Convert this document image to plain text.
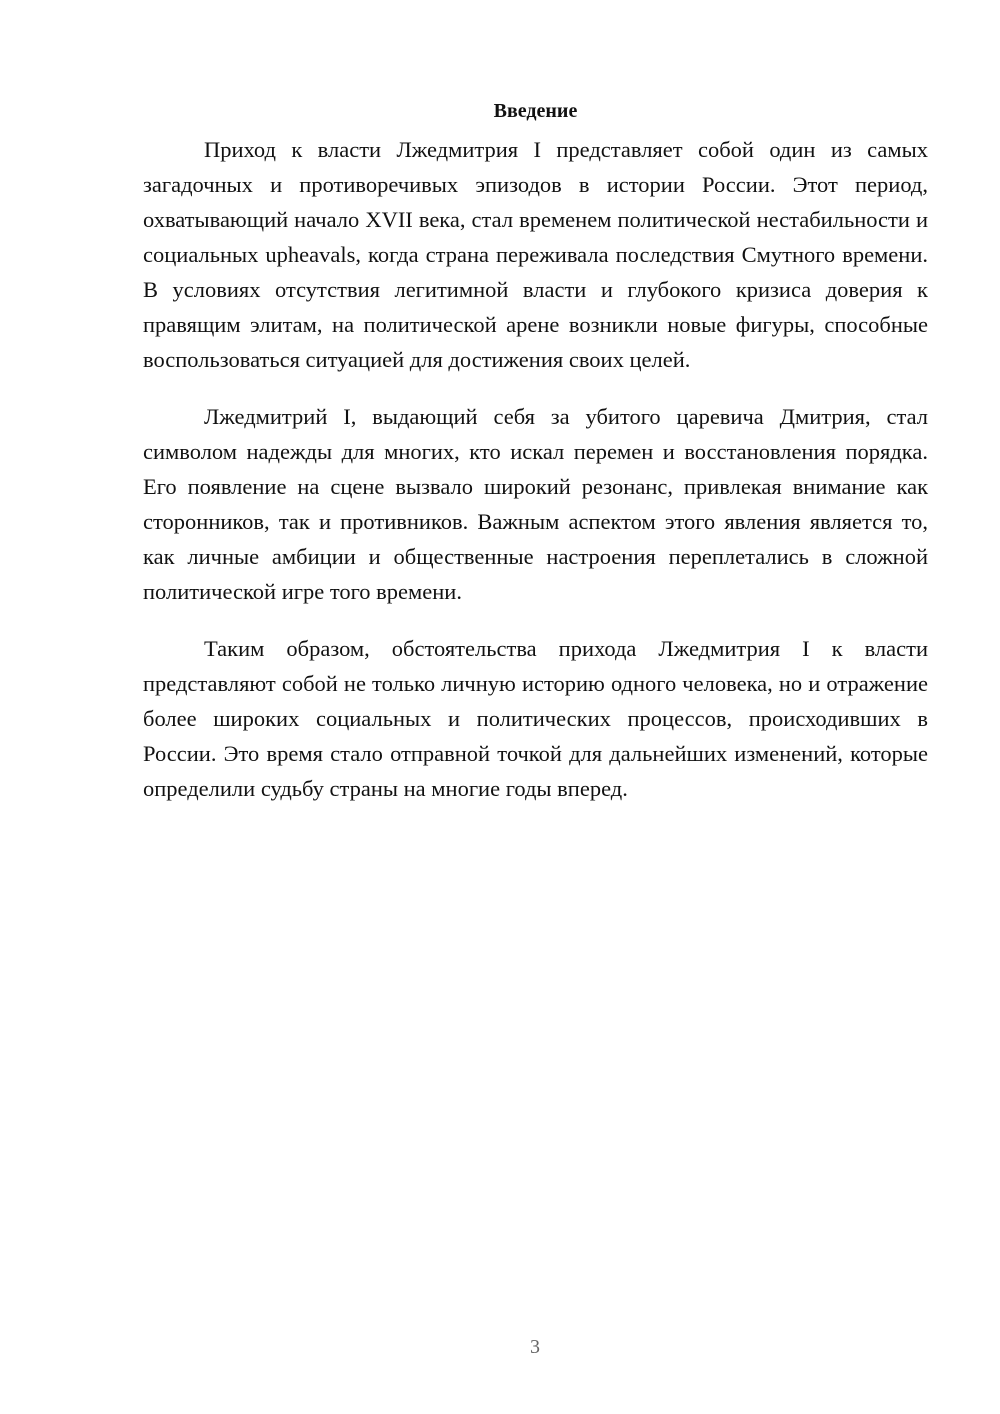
Введение

Приход к власти Лжедмитрия I представляет собой один из самых загадочных и противоречивых эпизодов в истории России. Этот период, охватывающий начало XVII века, стал временем политической нестабильности и социальных upheavals, когда страна переживала последствия Смутного времени. В условиях отсутствия легитимной власти и глубокого кризиса доверия к правящим элитам, на политической арене возникли новые фигуры, способные воспользоваться ситуацией для достижения своих целей.

Лжедмитрий I, выдающий себя за убитого царевича Дмитрия, стал символом надежды для многих, кто искал перемен и восстановления порядка. Его появление на сцене вызвало широкий резонанс, привлекая внимание как сторонников, так и противников. Важным аспектом этого явления является то, как личные амбиции и общественные настроения переплетались в сложной политической игре того времени.

Таким образом, обстоятельства прихода Лжедмитрия I к власти представляют собой не только личную историю одного человека, но и отражение более широких социальных и политических процессов, происходивших в России. Это время стало отправной точкой для дальнейших изменений, которые определили судьбу страны на многие годы вперед.

3
